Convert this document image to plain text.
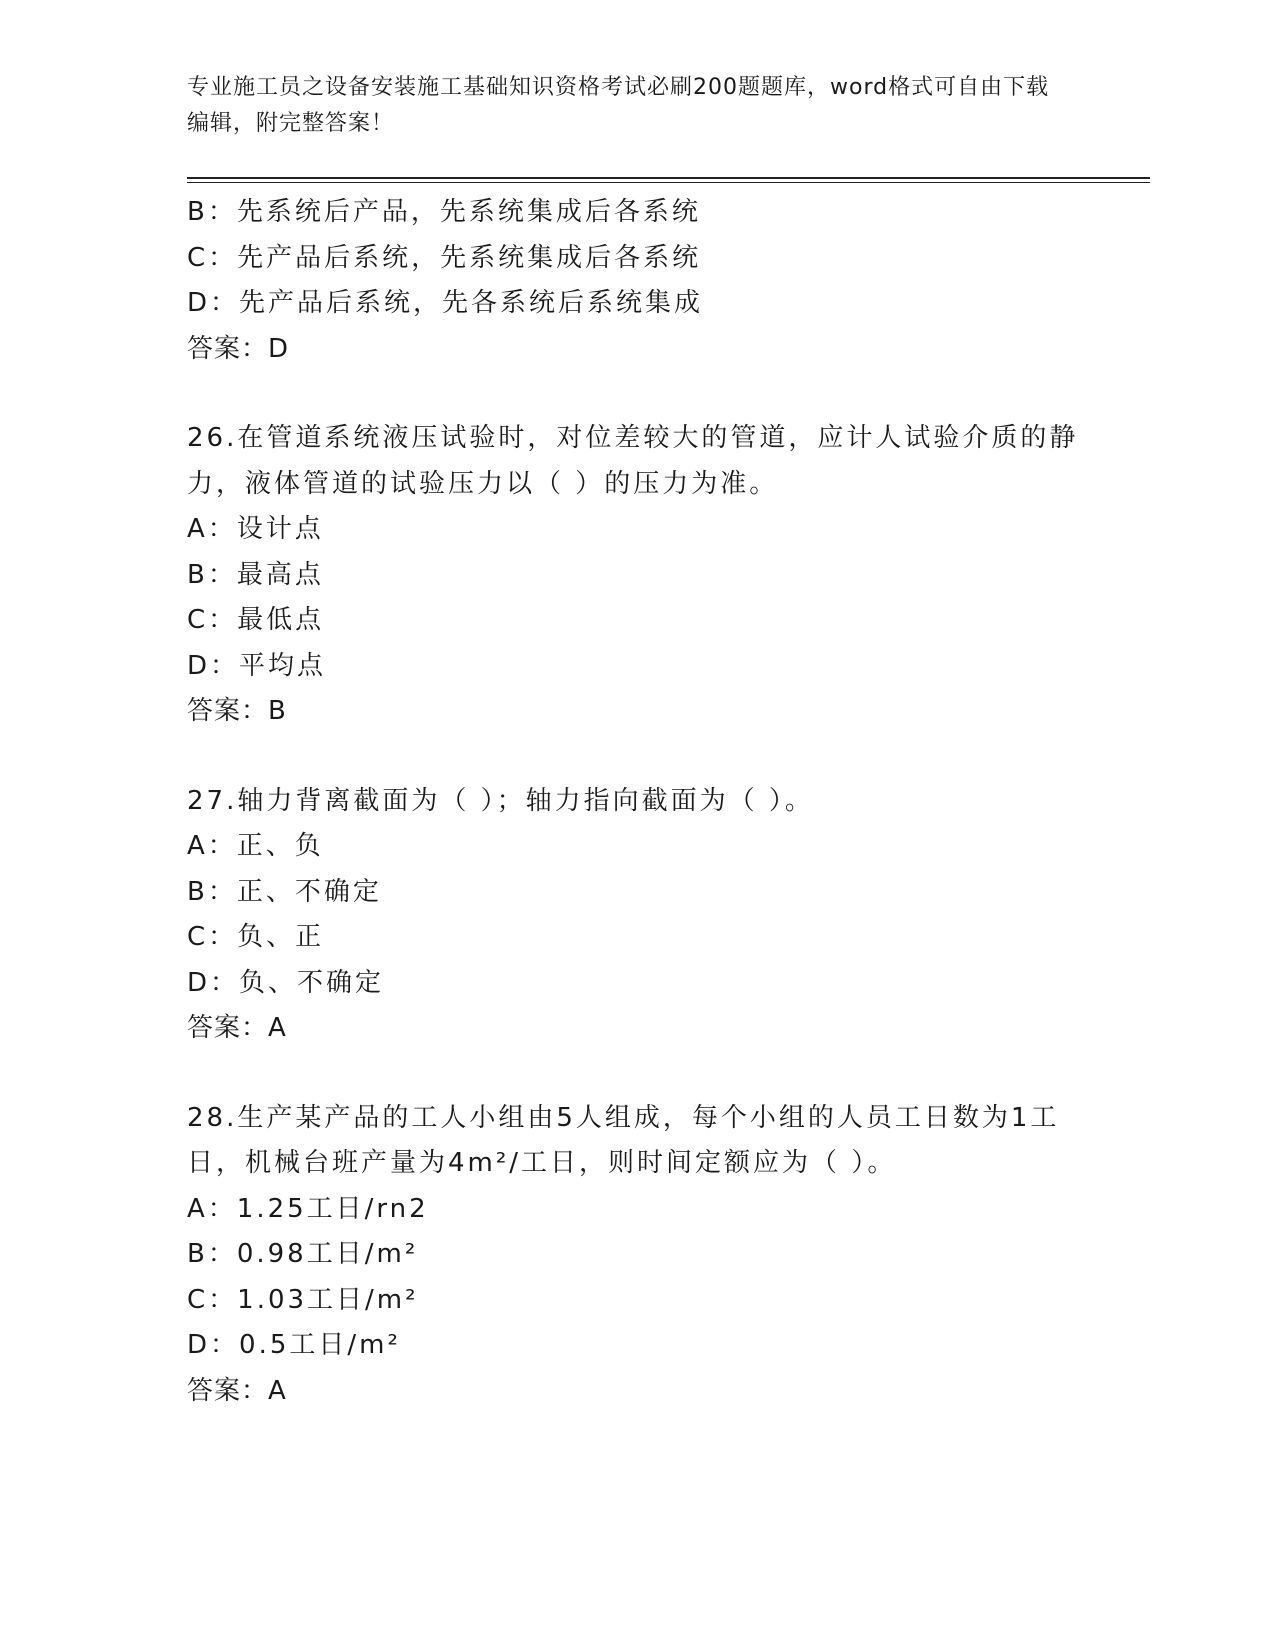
专业施工员之设备安装施工基础知识资格考试必刷200题题库，word格式可自由下载编辑，附完整答案！
B：先系统后产品，先系统集成后各系统
C：先产品后系统，先系统集成后各系统
D：先产品后系统，先各系统后系统集成
答案：D
26.在管道系统液压试验时，对位差较大的管道，应计人试验介质的静力，液体管道的试验压力以（ ）的压力为准。
A：设计点
B：最高点
C：最低点
D：平均点
答案：B
27.轴力背离截面为（ ）；轴力指向截面为（ ）。
A：正、负
B：正、不确定
C：负、正
D：负、不确定
答案：A
28.生产某产品的工人小组由5人组成，每个小组的人员工日数为1工日，机械台班产量为4m²/工日，则时间定额应为（ ）。
A：1.25工日/rn2
B：0.98工日/m²
C：1.03工日/m²
D：0.5工日/m²
答案：A
